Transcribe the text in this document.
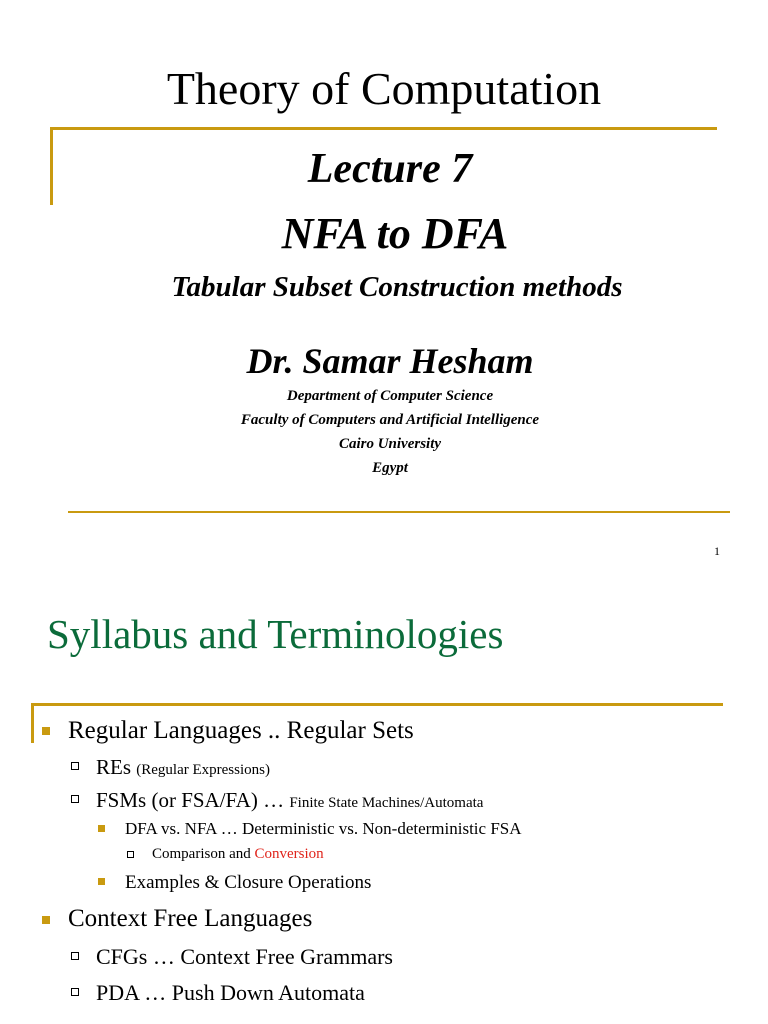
Theory of Computation
Lecture 7
NFA to DFA
Tabular Subset Construction methods
Dr. Samar Hesham
Department of Computer Science
Faculty of Computers and Artificial Intelligence
Cairo University
Egypt
1
Syllabus and Terminologies
Regular Languages .. Regular Sets
REs (Regular Expressions)
FSMs (or FSA/FA) … Finite State Machines/Automata
DFA vs. NFA … Deterministic vs. Non-deterministic FSA
Comparison and Conversion
Examples & Closure Operations
Context Free Languages
CFGs … Context Free Grammars
PDA … Push Down Automata
